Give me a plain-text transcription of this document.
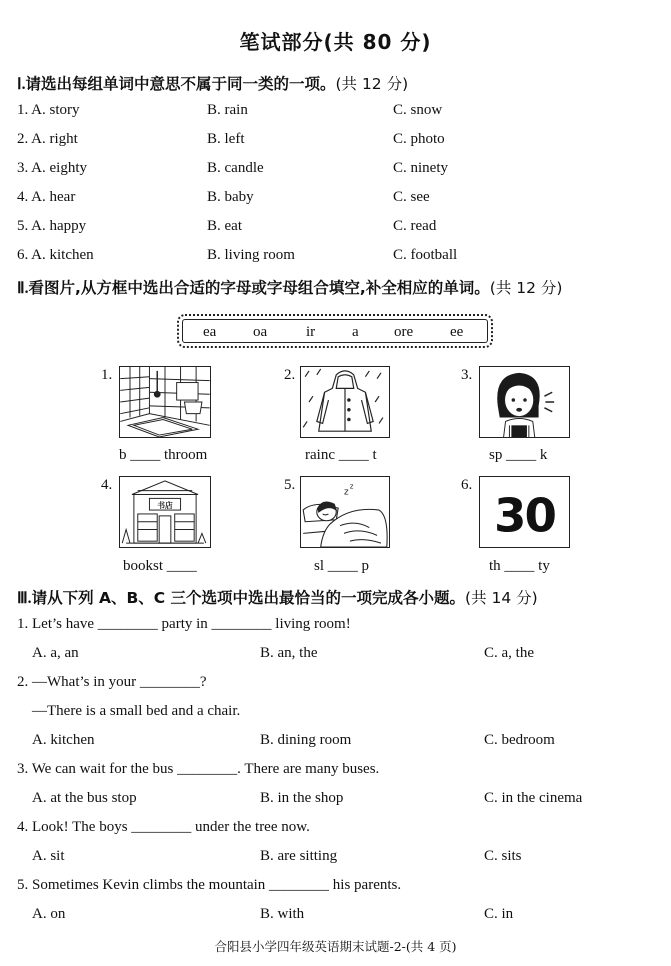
笔试部分(共 80 分)
Ⅰ.请选出每组单词中意思不属于同一类的一项。(共 12 分)
1. A. story	B. rain	C. snow
2. A. right	B. left	C. photo
3. A. eighty	B. candle	C. ninety
4. A. hear	B. baby	C. see
5. A. happy	B. eat	C. read
6. A. kitchen	B. living room	C. football
Ⅱ.看图片,从方框中选出合适的字母或字母组合填空,补全相应的单词。(共 12 分)
ea oa	ir a ore ee
1.	2.	3.
b ____ throom	rainc ____ t	sp ____ k
4.
书店
5.	z
z	6.
30
bookst ____	sl ____ p	th ____ ty
Ⅲ.请从下列 A、B、C 三个选项中选出最恰当的一项完成各小题。(共 14 分)
1. Let’s have ________ party in ________ living room!
A. a, an	B. an, the	C. a, the
2. —What’s in your ________?
—There is a small bed and a chair.
A. kitchen	B. dining room	C. bedroom
3. We can wait for the bus ________. There are many buses.
A. at the bus stop	B. in the shop	C. in the cinema
4. Look! The boys ________ under the tree now.
A. sit	B. are sitting	C. sits
5. Sometimes Kevin climbs the mountain ________ his parents.
A. on	B. with	C. in
合阳县小学四年级英语期末试题-2-(共 4 页)
